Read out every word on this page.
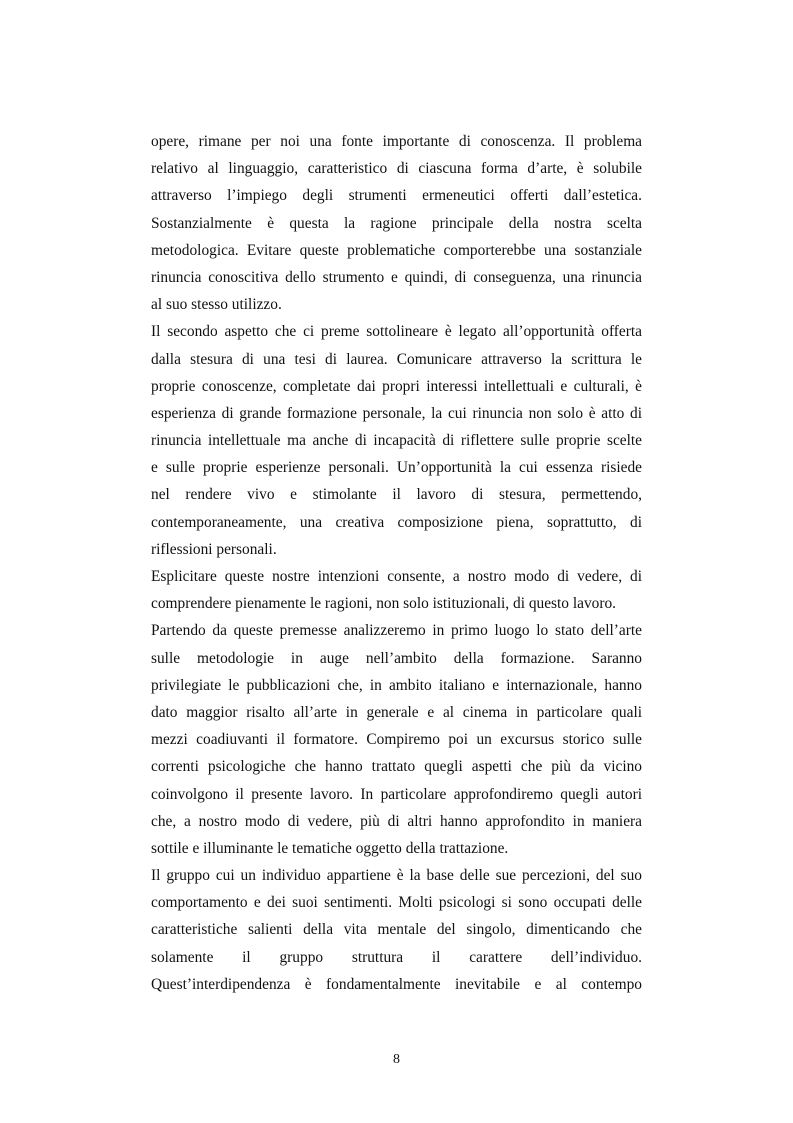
opere, rimane per noi una fonte importante di conoscenza. Il problema
relativo al linguaggio, caratteristico di ciascuna forma d’arte, è solubile
attraverso l’impiego degli strumenti ermeneutici offerti dall’estetica.
Sostanzialmente è questa la ragione principale della nostra scelta
metodologica. Evitare queste problematiche comporterebbe una sostanziale
rinuncia conoscitiva dello strumento e quindi, di conseguenza, una rinuncia
al suo stesso utilizzo.
Il secondo aspetto che ci preme sottolineare è legato all’opportunità offerta
dalla stesura di una tesi di laurea. Comunicare attraverso la scrittura le
proprie conoscenze, completate dai propri interessi intellettuali e culturali, è
esperienza di grande formazione personale, la cui rinuncia non solo è atto di
rinuncia intellettuale ma anche di incapacità di riflettere sulle proprie scelte
e sulle proprie esperienze personali. Un’opportunità la cui essenza risiede
nel rendere vivo e stimolante il lavoro di stesura, permettendo,
contemporaneamente, una creativa composizione piena, soprattutto, di
riflessioni personali.
Esplicitare queste nostre intenzioni consente, a nostro modo di vedere, di
comprendere pienamente le ragioni, non solo istituzionali, di questo lavoro.
Partendo da queste premesse analizzeremo in primo luogo lo stato dell’arte
sulle metodologie in auge nell’ambito della formazione. Saranno
privilegiate le pubblicazioni che, in ambito italiano e internazionale, hanno
dato maggior risalto all’arte in generale e al cinema in particolare quali
mezzi coadiuvanti il formatore. Compiremo poi un excursus storico sulle
correnti psicologiche che hanno trattato quegli aspetti che più da vicino
coinvolgono il presente lavoro. In particolare approfondiremo quegli autori
che, a nostro modo di vedere, più di altri hanno approfondito in maniera
sottile e illuminante le tematiche oggetto della trattazione.
Il gruppo cui un individuo appartiene è la base delle sue percezioni, del suo
comportamento e dei suoi sentimenti. Molti psicologi si sono occupati delle
caratteristiche salienti della vita mentale del singolo, dimenticando che
solamente il gruppo struttura il carattere dell’individuo.
Quest’interdipendenza è fondamentalmente inevitabile e al contempo
8
